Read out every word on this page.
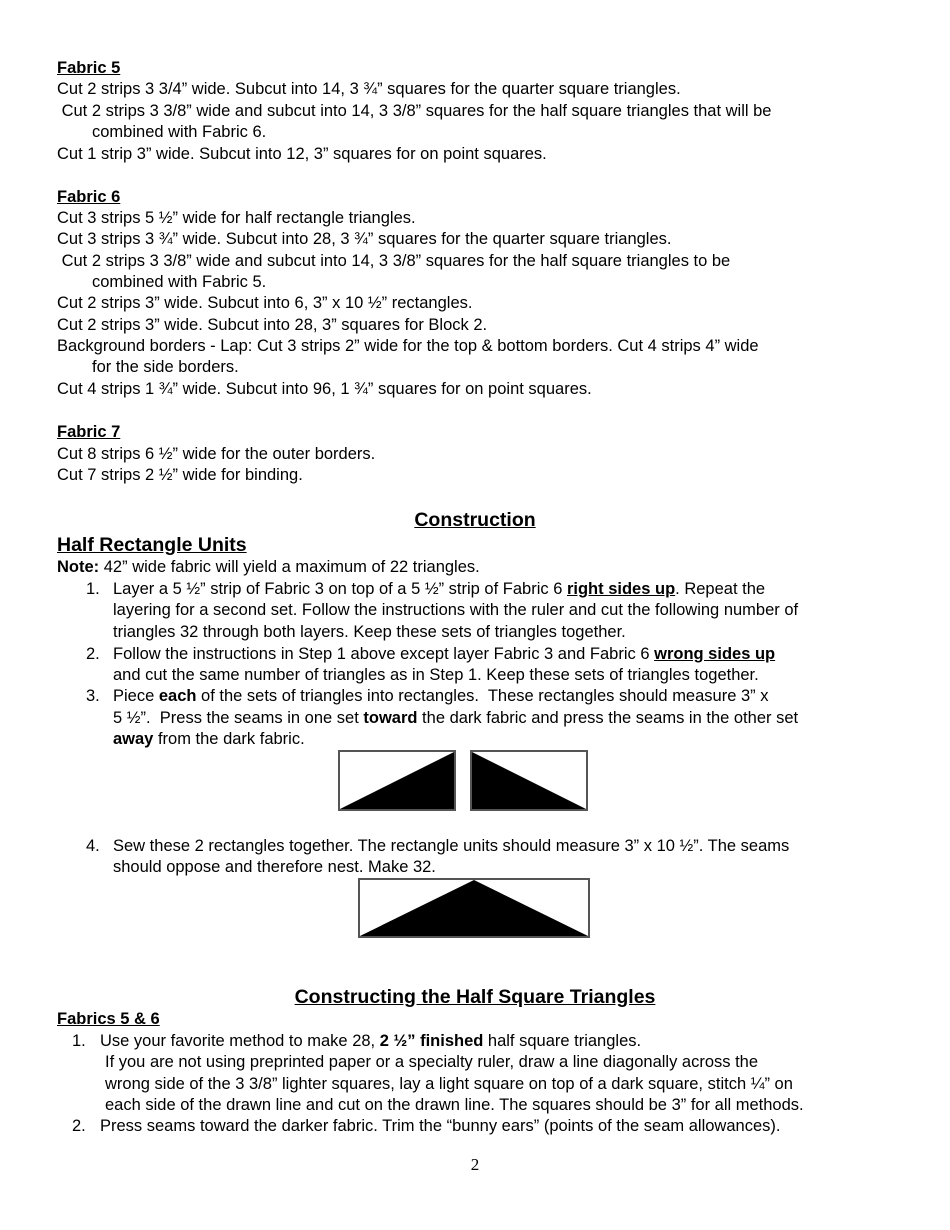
Fabric 5
Cut 2 strips 3 3/4” wide. Subcut into 14, 3 ¾” squares for the quarter square triangles.
Cut 2 strips 3 3/8” wide and subcut into 14, 3 3/8” squares for the half square triangles that will be
combined with Fabric 6.
Cut 1 strip 3” wide. Subcut into 12, 3” squares for on point squares.
Fabric 6
Cut 3 strips 5 ½” wide for half rectangle triangles.
Cut 3 strips 3 ¾” wide. Subcut into 28, 3 ¾” squares for the quarter square triangles.
Cut 2 strips 3 3/8” wide and subcut into 14, 3 3/8” squares for the half square triangles to be
combined with Fabric 5.
Cut 2 strips 3” wide. Subcut into 6, 3” x 10 ½” rectangles.
Cut 2 strips 3” wide. Subcut into 28, 3” squares for Block 2.
Background borders - Lap: Cut 3 strips 2” wide for the top & bottom borders. Cut 4 strips 4” wide
for the side borders.
Cut 4 strips 1 ¾” wide. Subcut into 96, 1 ¾” squares for on point squares.
Fabric 7
Cut 8 strips 6 ½” wide for the outer borders.
Cut 7 strips 2 ½” wide for binding.
Construction
Half Rectangle Units
Note: 42” wide fabric will yield a maximum of 22 triangles.
1. Layer a 5 ½” strip of Fabric 3 on top of a 5 ½” strip of Fabric 6 right sides up. Repeat the
layering for a second set. Follow the instructions with the ruler and cut the following number of
triangles 32 through both layers. Keep these sets of triangles together.
2. Follow the instructions in Step 1 above except layer Fabric 3 and Fabric 6 wrong sides up
and cut the same number of triangles as in Step 1. Keep these sets of triangles together.
3. Piece each of the sets of triangles into rectangles.  These rectangles should measure 3” x
5 ½”.  Press the seams in one set toward the dark fabric and press the seams in the other set
away from the dark fabric.
4. Sew these 2 rectangles together. The rectangle units should measure 3” x 10 ½”. The seams
should oppose and therefore nest. Make 32.
Constructing the Half Square Triangles
Fabrics 5 & 6
1. Use your favorite method to make 28, 2 ½” finished half square triangles.
If you are not using preprinted paper or a specialty ruler, draw a line diagonally across the
wrong side of the 3 3/8” lighter squares, lay a light square on top of a dark square, stitch ¼” on
each side of the drawn line and cut on the drawn line. The squares should be 3” for all methods.
2. Press seams toward the darker fabric. Trim the “bunny ears” (points of the seam allowances).
2
